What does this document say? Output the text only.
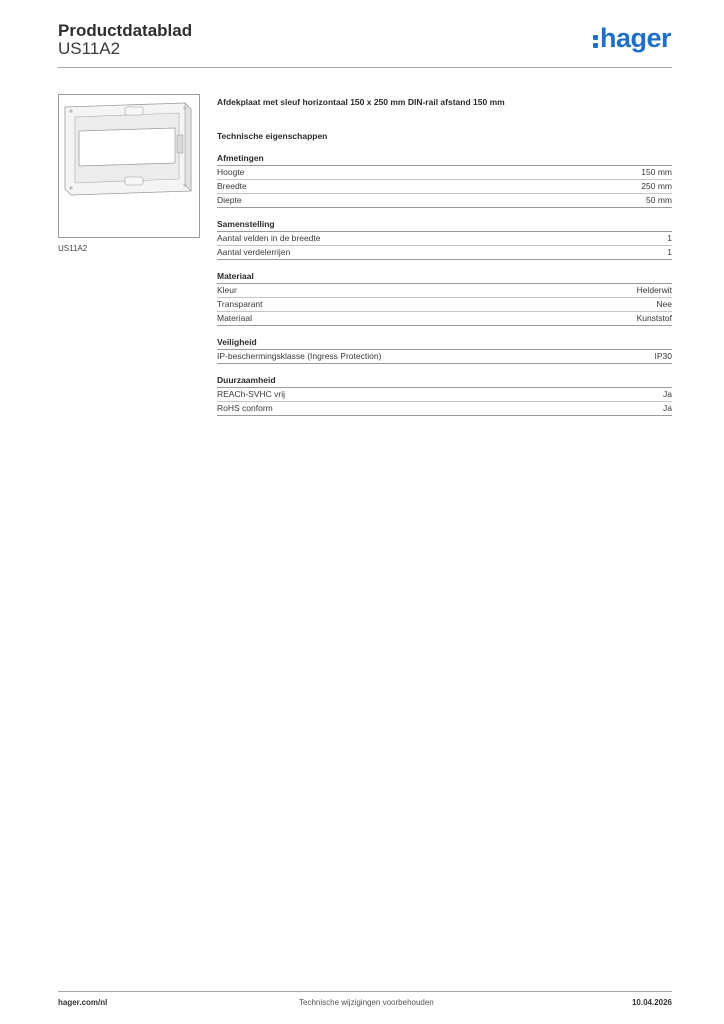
Productdatablad
US11A2	hager
US11A2
Afdekplaat met sleuf horizontaal 150 x 250 mm DIN-rail afstand 150 mm
Technische eigenschappen
Afmetingen
Hoogte	150 mm
Breedte	250 mm
Diepte	50 mm
Samenstelling
Aantal velden in de breedte	1
Aantal verdelerrijen	1
Materiaal
Kleur	Helderwit
Transparant	Nee
Materiaal	Kunststof
Veiligheid
IP-beschermingsklasse (Ingress Protection)	IP30
Duurzaamheid
REACh-SVHC vrij	Ja
RoHS conform	Ja
hager.com/nl	Technische wijzigingen voorbehouden	10.04.2026
